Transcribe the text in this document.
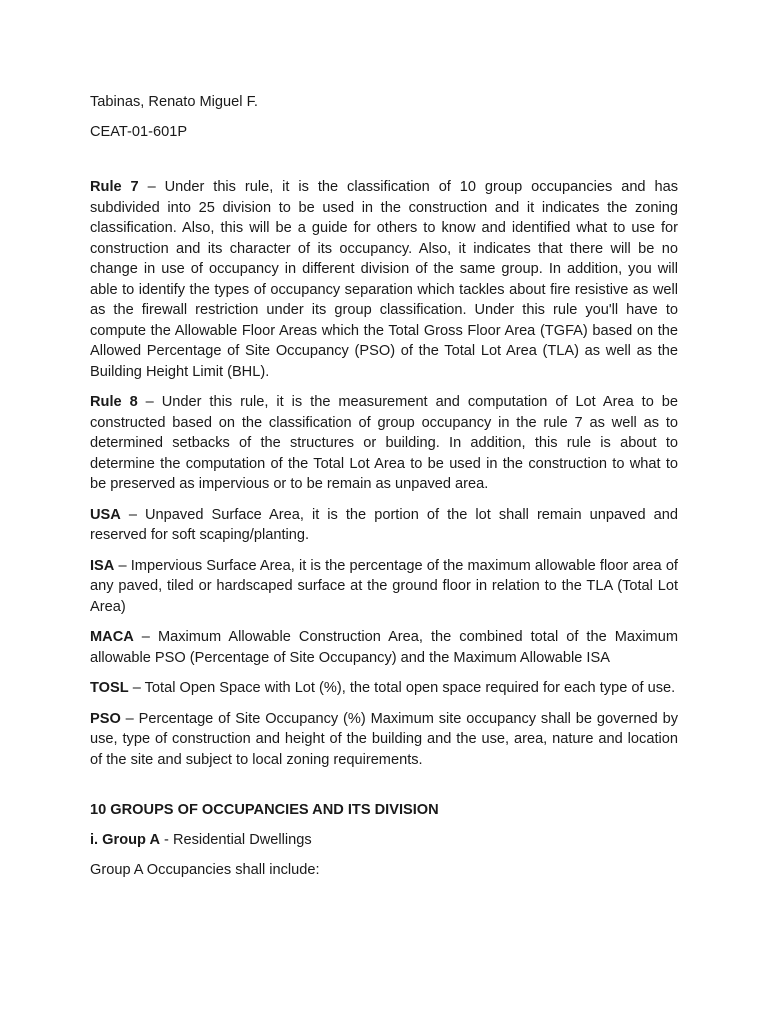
Tabinas, Renato Miguel F.

CEAT-01-601P

Rule 7 – Under this rule, it is the classification of 10 group occupancies and has subdivided into 25 division to be used in the construction and it indicates the zoning classification. Also, this will be a guide for others to know and identified what to use for construction and its character of its occupancy. Also, it indicates that there will be no change in use of occupancy in different division of the same group. In addition, you will able to identify the types of occupancy separation which tackles about fire resistive as well as the firewall restriction under its group classification. Under this rule you'll have to compute the Allowable Floor Areas which the Total Gross Floor Area (TGFA) based on the Allowed Percentage of Site Occupancy (PSO) of the Total Lot Area (TLA) as well as the Building Height Limit (BHL).

Rule 8 – Under this rule, it is the measurement and computation of Lot Area to be constructed based on the classification of group occupancy in the rule 7 as well as to determined setbacks of the structures or building. In addition, this rule is about to determine the computation of the Total Lot Area to be used in the construction to what to be preserved as impervious or to be remain as unpaved area.

USA – Unpaved Surface Area, it is the portion of the lot shall remain unpaved and reserved for soft scaping/planting.

ISA – Impervious Surface Area, it is the percentage of the maximum allowable floor area of any paved, tiled or hardscaped surface at the ground floor in relation to the TLA (Total Lot Area)

MACA – Maximum Allowable Construction Area, the combined total of the Maximum allowable PSO (Percentage of Site Occupancy) and the Maximum Allowable ISA

TOSL – Total Open Space with Lot (%), the total open space required for each type of use.

PSO – Percentage of Site Occupancy (%) Maximum site occupancy shall be governed by use, type of construction and height of the building and the use, area, nature and location of the site and subject to local zoning requirements.

10 GROUPS OF OCCUPANCIES AND ITS DIVISION

i. Group A - Residential Dwellings

Group A Occupancies shall include:
